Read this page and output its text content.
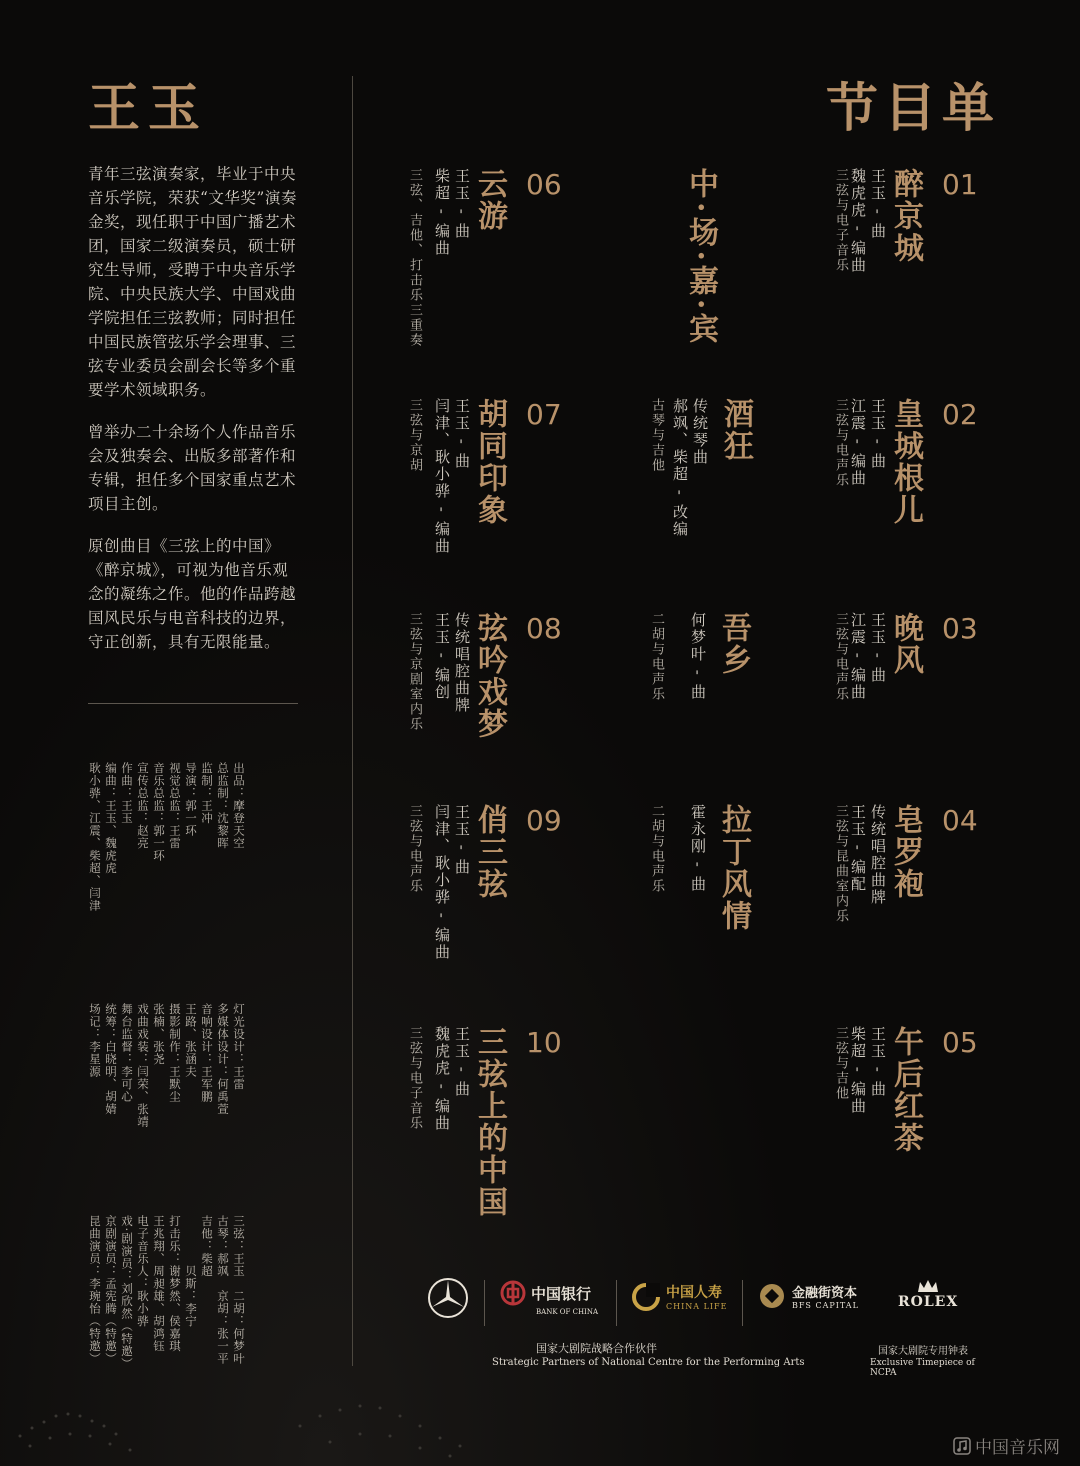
王玉

青年三弦演奏家，毕业于中央音乐学院，荣获“文华奖”演奏金奖，现任职于中国广播艺术团，国家二级演奏员，硕士研究生导师，受聘于中央音乐学院、中央民族大学、中国戏曲学院担任三弦教师；同时担任中国民族管弦乐学会理事、三弦专业委员会副会长等多个重要学术领域职务。

曾举办二十余场个人作品音乐会及独奏会、出版多部著作和专辑，担任多个国家重点艺术项目主创。

原创曲目《三弦上的中国》《醉京城》，可视为他音乐观念的凝练之作。他的作品跨越国风民乐与电音科技的边界，守正创新，具有无限能量。

出品：摩登天空
总监制：沈黎晖
监制：王冲
导演：郭一环
视觉总监：王雷
音乐总监：郭一环
宣传总监：赵亮
作曲：王玉
编曲：王玉、魏虎虎
耿小骅、江震、柴超、闫津
灯光设计：王雷
多媒体设计：何禹萱
音响设计：王军鹏
王路、张涵夫
摄影制作：王默尘
张楠、张尧
戏曲戏装：闫荣、张靖
舞台监督：李可心
统筹：白晓明、胡婧
场记：李星源
三弦：王玉　二胡：何梦叶
古琴：郝飒　京胡：张一平
吉他：柴超
　　　　贝斯：李宁
打击乐：谢梦然、侯嘉琪
王兆翔、周昶雄、胡鸿钰
电子音乐人：耿小骅
戏·剧演员：刘欣然（特邀）
京剧演员：孟宪腾（特邀）
昆曲演员：李琬怡（特邀）
节目单
三弦与电子音乐 魏虎虎 - 编曲 王玉 - 曲 醉京城 01
三弦与电声乐 江震 - 编曲 王玉 - 曲 皇城根儿 02
三弦与电声乐 江震 - 编曲 王玉 - 曲 晚风 03
三弦与昆曲室内乐 王玉 - 编配 传统唱腔曲牌 皂罗袍 04
三弦与吉他 柴超 - 编曲 王玉 - 曲 午后红茶 05
中·场·嘉·宾
古琴与吉他 郝飒、柴超 - 改编 传统琴曲 酒狂
二胡与电声乐 何梦叶 - 曲 吾乡
二胡与电声乐 霍永刚 - 曲 拉丁风情
三弦、吉他、打击乐三重奏 柴超 - 编曲 王玉 - 曲 云游 06
三弦与京胡 闫津、耿小骅 - 编曲 王玉 - 曲 胡同印象 07
三弦与京剧室内乐 王玉 - 编创 传统唱腔曲牌 弦吟戏梦 08
三弦与电声乐 闫津、耿小骅 - 编曲 王玉 - 曲 俏三弦 09
三弦与电子音乐 魏虎虎 - 编曲 王玉 - 曲 三弦上的中国 10
中国银行
BANK OF CHINA
中国人寿
CHINA LIFE
金融街资本
BFS CAPITAL	ROLEX
国家大剧院战略合作伙伴
Strategic Partners of National Centre for the Performing Arts
国家大剧院专用钟表
Exclusive Timepiece of NCPA
中国音乐网
